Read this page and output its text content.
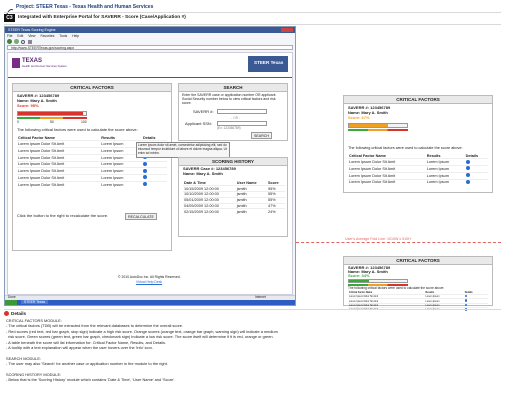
Project: STEER Texas - Texas Health and Human Services
C3	Integrated with Enterprise Portal for SAVERR - Score (Case/Application #)
STEER Texas Scoring Engine
File Edit View Favorites Tools Help
http://www.STEERTexas.gov/scoring.aspx
TEXAS
Health and Human Services System
STEER Texas
CRITICAL FACTORS
SAVERR #: 123456789
Name: Mary A. Smith
Score: 95%
0	50	100
The following critical factors were used to calculate the score above:
Critical Factor Name	Results	Details
Lorem Ipsum Dolor Sit Amit	Lorem Ipsum	
Lorem Ipsum Dolor Sit Amit	Lorem Ipsum	
Lorem Ipsum Dolor Sit Amit	Lorem Ipsum	
Lorem Ipsum Dolor Sit Amit	Lorem Ipsum	
Lorem Ipsum Dolor Sit Amit	Lorem Ipsum	
Lorem Ipsum Dolor Sit Amit	Lorem Ipsum	
Lorem Ipsum Dolor Sit Amit	Lorem Ipsum	
Click the button to the right to recalculate the score.	RECALCULATE
SEARCH
Enter the SAVERR case or application number OR applicant Social Security number below to view critical factors and risk score.
SAVERR #:
- OR -
Applicant SSN:
(Ex: 123456789)
SEARCH
Lorem ipsum dolor sit amet, consectetur adipisicing elit, sed do eiusmod tempor incididunt ut labore et dolore magna aliqua. Ut enim ad minim.
SCORING HISTORY
SAVERR Case #: 123456789
Name: Mary A. Smith
Date & Time	User Name	Score
10/15/2009 12:00:00	jsmith	95%
10/10/2009 12:00:00	jsmith	55%
05/01/2009 12:00:00	jsmith	55%
04/09/2009 12:00:00	jsmith	47%
02/15/2009 12:00:00	jsmith	24%
© 2010 AutoDoc Inc. All Rights Reserved.
Virtual Help Desk
Done	Internet
STEER Texas
User's Average Fold Line: 1010W x 510H
CRITICAL FACTORS
SAVERR #: 123456789
Name: Mary A. Smith
Score: 67%
The following critical factors were used to calculate the score above:
Critical Factor Name	Results	Details
Lorem Ipsum Dolor Sit Amit	Lorem Ipsum	
Lorem Ipsum Dolor Sit Amit	Lorem Ipsum	
Lorem Ipsum Dolor Sit Amit	Lorem Ipsum	
Lorem Ipsum Dolor Sit Amit	Lorem Ipsum	
CRITICAL FACTORS
SAVERR #: 123456789
Name: Mary A. Smith
Score: 34%
The following critical factors were used to calculate the score above:
Critical Factor Name	Results	Details
Lorem Ipsum Dolor Sit Amit	Lorem Ipsum	
Lorem Ipsum Dolor Sit Amit	Lorem Ipsum	
Lorem Ipsum Dolor Sit Amit	Lorem Ipsum	

Details
CRITICAL FACTORS MODULE:
- The critical factors (TDB) will be extracted from the relevant databases to determine the overall score.
- Red scores (red text, red bar graph, stop sign) indicate a high risk score. Orange scores (orange text, orange bar graph, warning sign) will indicate a medium
risk score. Green scores (green text, green bar graph, checkmark sign) indicate a low risk score. The score itself will determine if it is red, orange or green.
- A table beneath the score will list information for: Critical Factor Name, Results, and Details.
- A tooltip with a text explanation will appear when the user hovers over the 'info' icon.
SEARCH MODULE:
- The user may also 'Search' for another case or application number in the module to the right.
SCORING HISTORY MODULE:
- Below that is the 'Scoring History' module which contains 'Date & Time', 'User Name' and 'Score'.
